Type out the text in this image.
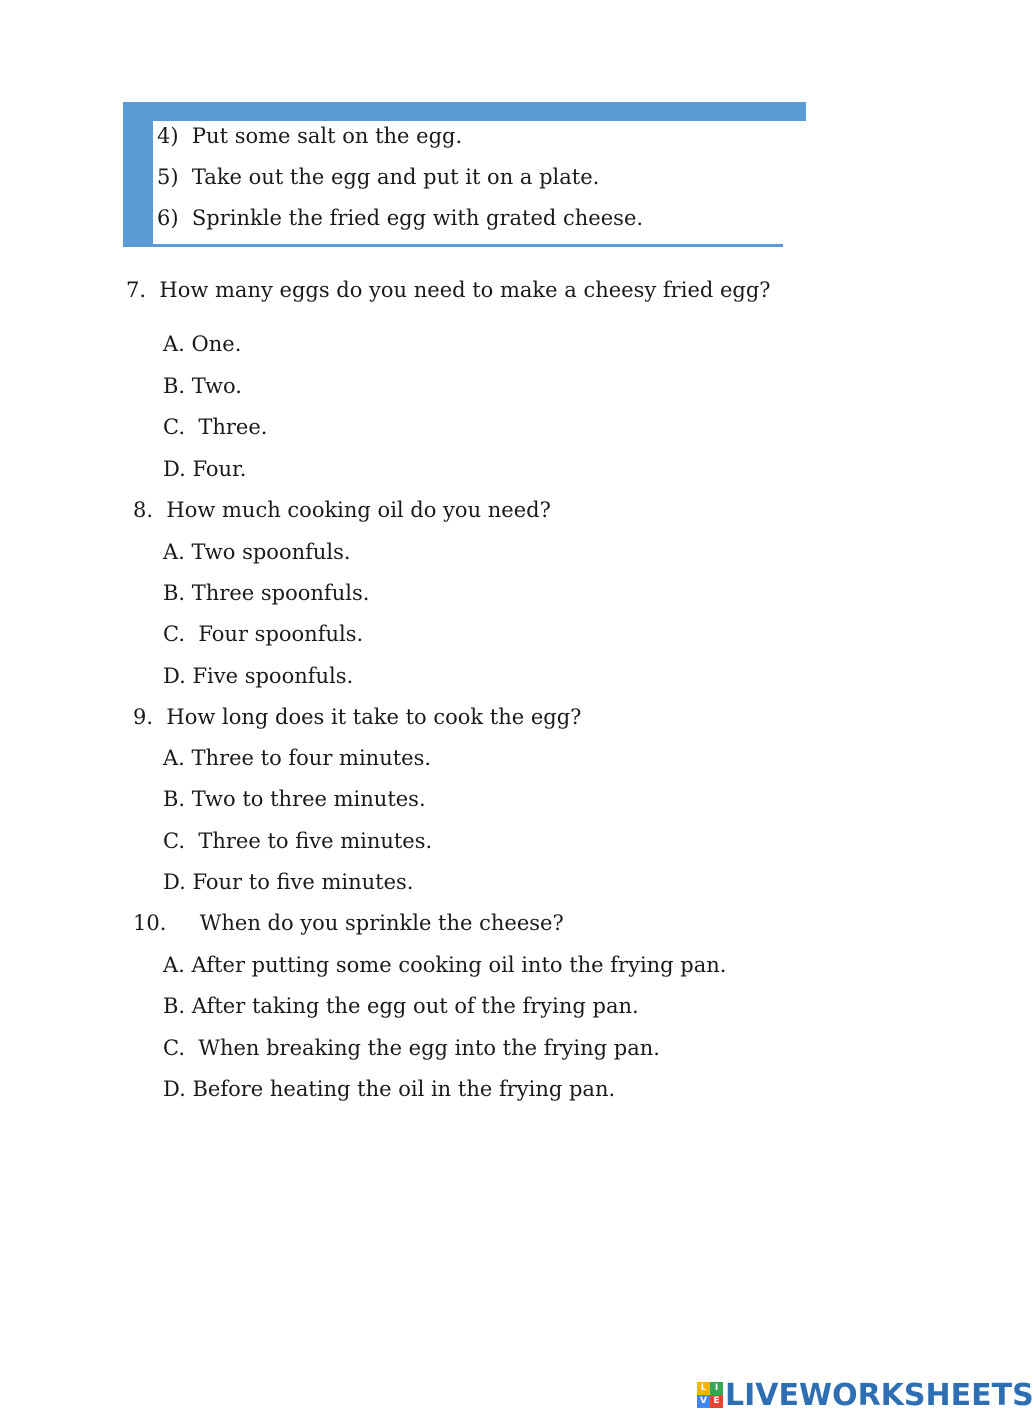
4) Put some salt on the egg.
5) Take out the egg and put it on a plate.
6) Sprinkle the fried egg with grated cheese.
7. How many eggs do you need to make a cheesy fried egg?
A. One.
B. Two.
C. Three.
D. Four.
8. How much cooking oil do you need?
A. Two spoonfuls.
B. Three spoonfuls.
C. Four spoonfuls.
D. Five spoonfuls.
9. How long does it take to cook the egg?
A. Three to four minutes.
B. Two to three minutes.
C. Three to five minutes.
D. Four to five minutes.
10. When do you sprinkle the cheese?
A. After putting some cooking oil into the frying pan.
B. After taking the egg out of the frying pan.
C. When breaking the egg into the frying pan.
D. Before heating the oil in the frying pan.
L I
V E LIVEWORKSHEETS
